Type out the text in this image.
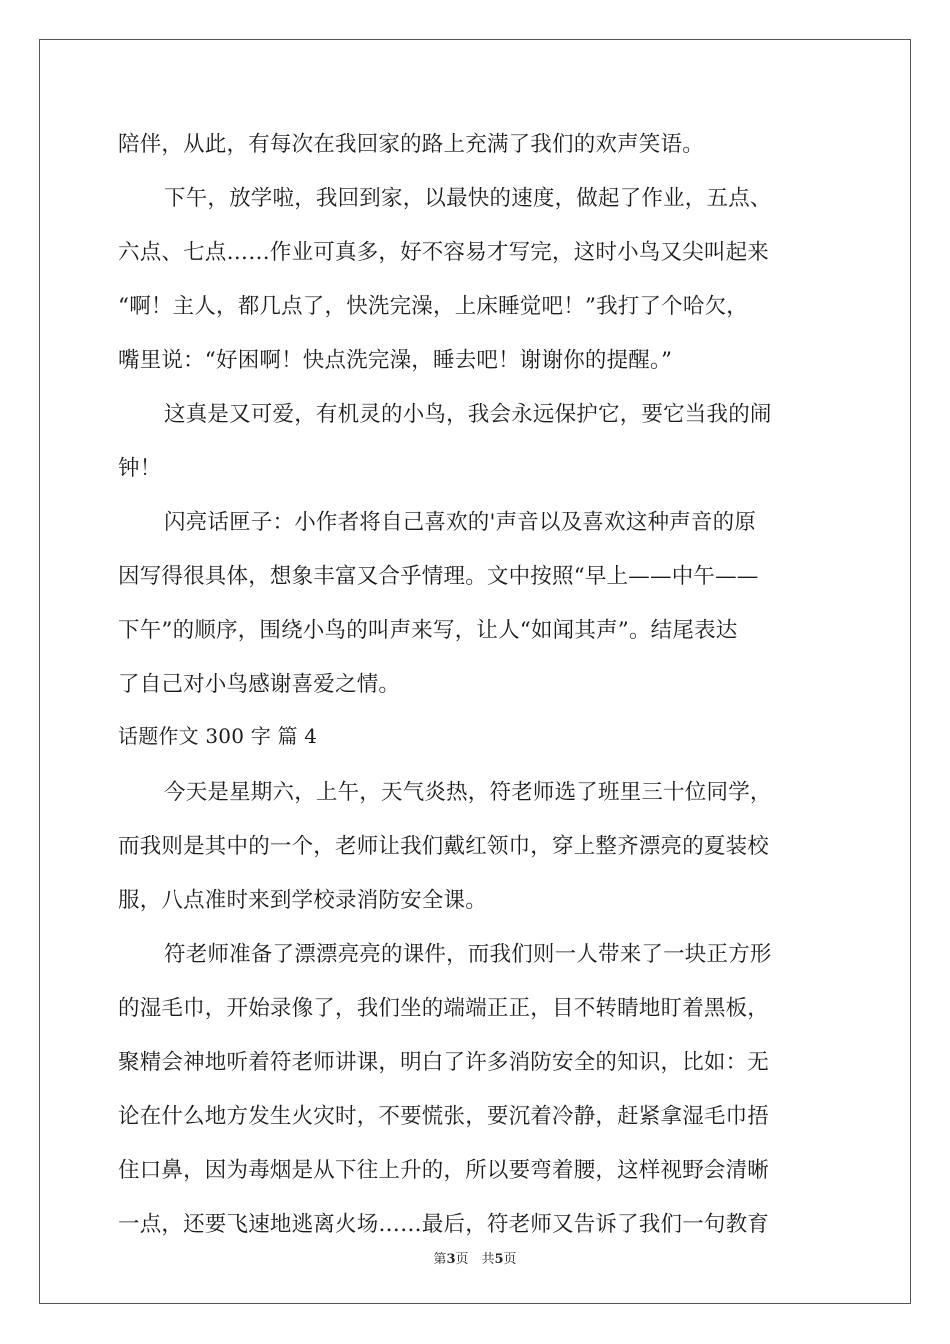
陪伴，从此，有每次在我回家的路上充满了我们的欢声笑语。
下午，放学啦，我回到家，以最快的速度，做起了作业，五点、
六点、七点……作业可真多，好不容易才写完，这时小鸟又尖叫起来
“啊！主人，都几点了，快洗完澡，上床睡觉吧！”我打了个哈欠，
嘴里说：“好困啊！快点洗完澡，睡去吧！谢谢你的提醒。”
这真是又可爱，有机灵的小鸟，我会永远保护它，要它当我的闹
钟！
闪亮话匣子：小作者将自己喜欢的'声音以及喜欢这种声音的原
因写得很具体，想象丰富又合乎情理。文中按照“早上——中午——
下午”的顺序，围绕小鸟的叫声来写，让人“如闻其声”。结尾表达
了自己对小鸟感谢喜爱之情。
话题作文 300 字 篇 4
今天是星期六，上午，天气炎热，符老师选了班里三十位同学，
而我则是其中的一个，老师让我们戴红领巾，穿上整齐漂亮的夏装校
服，八点准时来到学校录消防安全课。
符老师准备了漂漂亮亮的课件，而我们则一人带来了一块正方形
的湿毛巾，开始录像了，我们坐的端端正正，目不转睛地盯着黑板，
聚精会神地听着符老师讲课，明白了许多消防安全的知识，比如：无
论在什么地方发生火灾时，不要慌张，要沉着冷静，赶紧拿湿毛巾捂
住口鼻，因为毒烟是从下往上升的，所以要弯着腰，这样视野会清晰
一点，还要飞速地逃离火场……最后，符老师又告诉了我们一句教育
第3页　共5页
